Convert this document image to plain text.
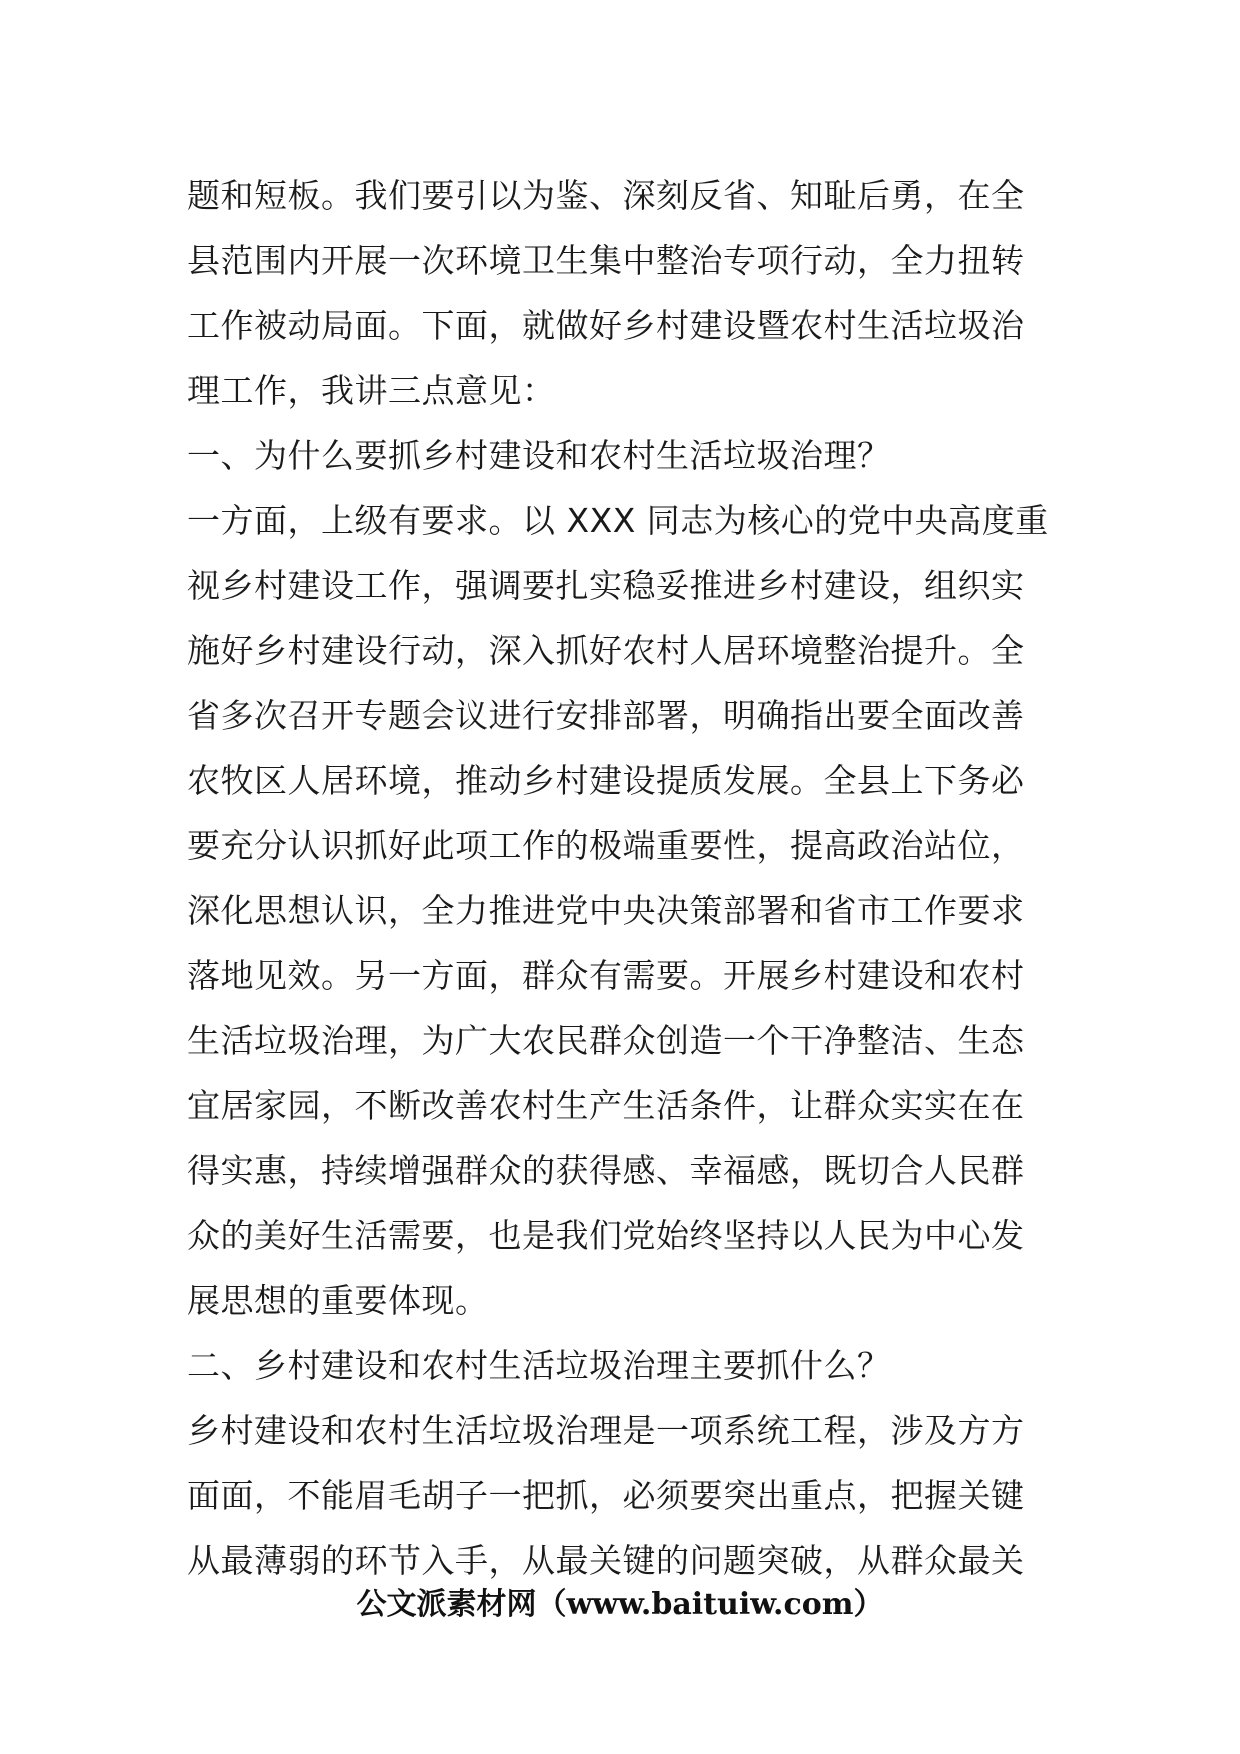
题和短板。我们要引以为鉴、深刻反省、知耻后勇，在全
县范围内开展一次环境卫生集中整治专项行动，全力扭转
工作被动局面。下面，就做好乡村建设暨农村生活垃圾治
理工作，我讲三点意见：
一、为什么要抓乡村建设和农村生活垃圾治理？
一方面，上级有要求。以 XXX 同志为核心的党中央高度重
视乡村建设工作，强调要扎实稳妥推进乡村建设，组织实
施好乡村建设行动，深入抓好农村人居环境整治提升。全
省多次召开专题会议进行安排部署，明确指出要全面改善
农牧区人居环境，推动乡村建设提质发展。全县上下务必
要充分认识抓好此项工作的极端重要性，提高政治站位，
深化思想认识，全力推进党中央决策部署和省市工作要求
落地见效。另一方面，群众有需要。开展乡村建设和农村
生活垃圾治理，为广大农民群众创造一个干净整洁、生态
宜居家园，不断改善农村生产生活条件，让群众实实在在
得实惠，持续增强群众的获得感、幸福感，既切合人民群
众的美好生活需要，也是我们党始终坚持以人民为中心发
展思想的重要体现。
二、乡村建设和农村生活垃圾治理主要抓什么？
乡村建设和农村生活垃圾治理是一项系统工程，涉及方方
面面，不能眉毛胡子一把抓，必须要突出重点，把握关键
从最薄弱的环节入手，从最关键的问题突破，从群众最关
公文派素材网（www.baituiw.com）
